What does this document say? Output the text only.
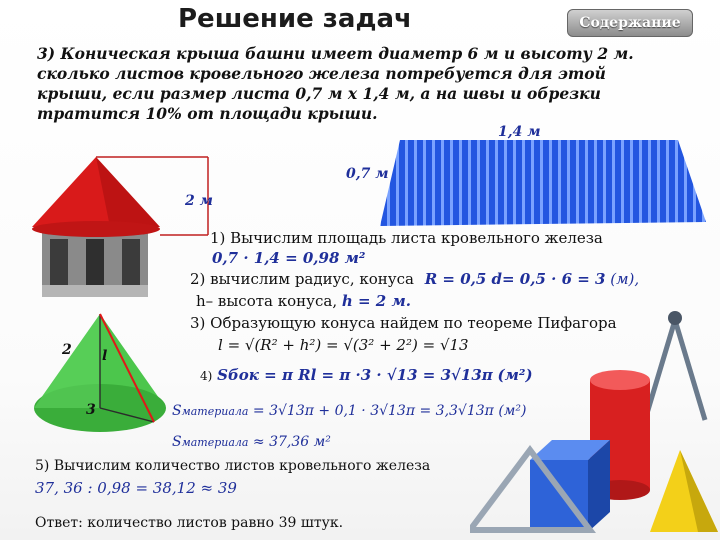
Решение задач	Содержание
3) Коническая крыша башни имеет диаметр 6 м и высоту 2 м. сколько листов кровельного железа потребуется для этой крыши, если размер листа 0,7 м х 1,4 м, а на швы и обрезки тратится 10% от площади крыши.
2 м
1,4 м
0,7 м
2 l
3
1) Вычислим площадь листа кровельного железа
0,7 · 1,4 = 0,98 м²
2) вычислим радиус, конуса R = 0,5 d= 0,5 · 6 = 3 (м),
h– высота конуса, h = 2 м.
3) Образующую конуса найдем по теореме Пифагора
l = √(R² + h²) = √(3² + 2²) = √13
4) Sбок = π Rl = π ·3 · √13 = 3√13π (м²)
Sматериала = 3√13π + 0,1 · 3√13π = 3,3√13π (м²)
Sматериала ≈ 37,36 м²
5) Вычислим количество листов кровельного железа
37, 36 : 0,98 = 38,12 ≈ 39
Ответ: количество листов равно 39 штук.
